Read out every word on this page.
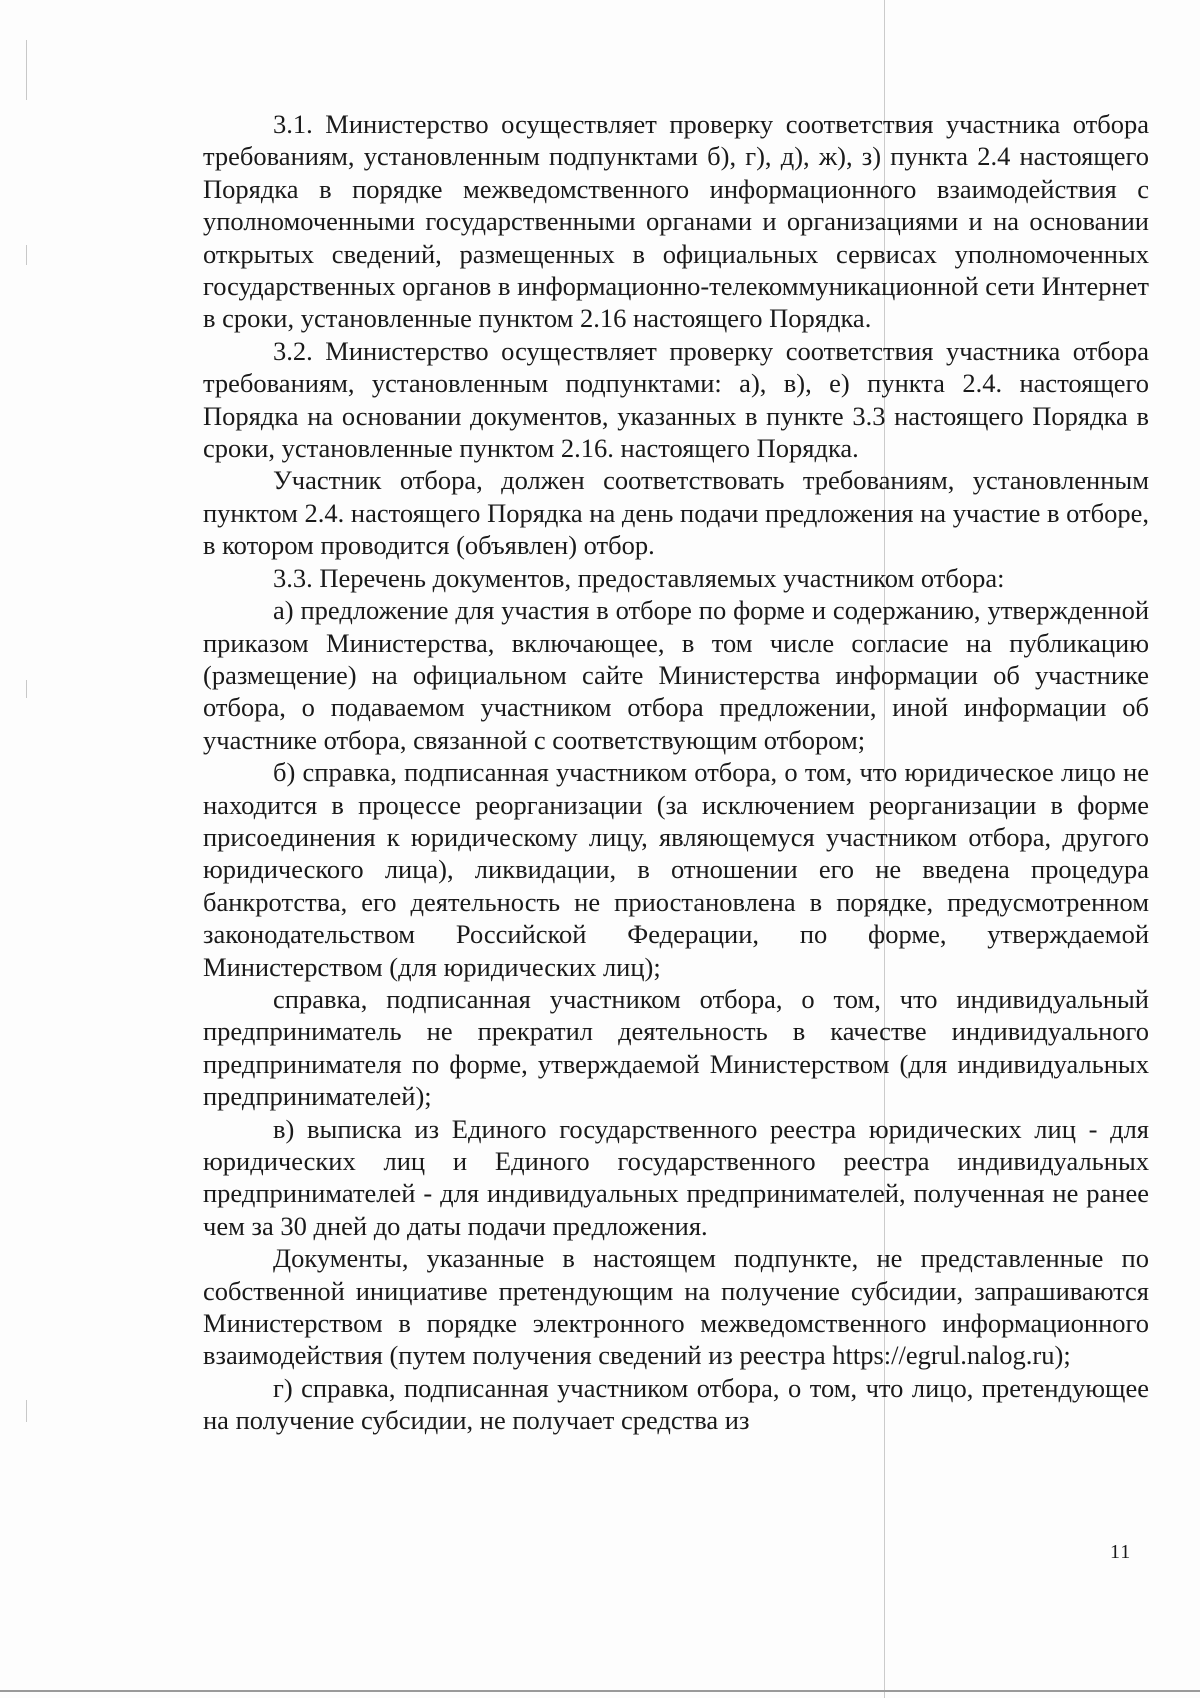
3.1. Министерство осуществляет проверку соответствия участника отбора требованиям, установленным подпунктами б), г), д), ж), з) пункта 2.4 настоящего Порядка в порядке межведомственного информационного взаимодействия с уполномоченными государственными органами и организациями и на основании открытых сведений, размещенных в официальных сервисах уполномоченных государственных органов в информационно-телекоммуникационной сети Интернет в сроки, установленные пунктом 2.16 настоящего Порядка.

3.2. Министерство осуществляет проверку соответствия участника отбора требованиям, установленным подпунктами: а), в), е) пункта 2.4. настоящего Порядка на основании документов, указанных в пункте 3.3 настоящего Порядка в сроки, установленные пунктом 2.16. настоящего Порядка.

Участник отбора, должен соответствовать требованиям, установленным пунктом 2.4. настоящего Порядка на день подачи предложения на участие в отборе, в котором проводится (объявлен) отбор.

3.3. Перечень документов, предоставляемых участником отбора:

а) предложение для участия в отборе по форме и содержанию, утвержденной приказом Министерства, включающее, в том числе согласие на публикацию (размещение) на официальном сайте Министерства информации об участнике отбора, о подаваемом участником отбора предложении, иной информации об участнике отбора, связанной с соответствующим отбором;

б) справка, подписанная участником отбора, о том, что юридическое лицо не находится в процессе реорганизации (за исключением реорганизации в форме присоединения к юридическому лицу, являющемуся участником отбора, другого юридического лица), ликвидации, в отношении его не введена процедура банкротства, его деятельность не приостановлена в порядке, предусмотренном законодательством Российской Федерации, по форме, утверждаемой Министерством (для юридических лиц);

справка, подписанная участником отбора, о том, что индивидуальный предприниматель не прекратил деятельность в качестве индивидуального предпринимателя по форме, утверждаемой Министерством (для индивидуальных предпринимателей);

в) выписка из Единого государственного реестра юридических лиц - для юридических лиц и Единого государственного реестра индивидуальных предпринимателей - для индивидуальных предпринимателей, полученная не ранее чем за 30 дней до даты подачи предложения.

Документы, указанные в настоящем подпункте, не представленные по собственной инициативе претендующим на получение субсидии, запрашиваются Министерством в порядке электронного межведомственного информационного взаимодействия (путем получения сведений из реестра https://egrul.nalog.ru);

г) справка, подписанная участником отбора, о том, что лицо, претендующее на получение субсидии, не получает средства из

11
